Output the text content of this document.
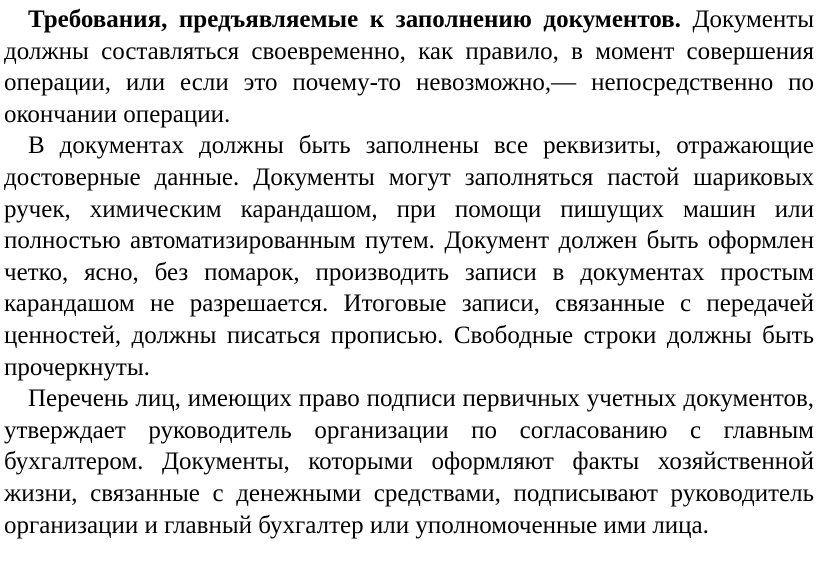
Требования, предъявляемые к заполнению документов. Документы должны составляться своевременно, как правило, в момент совершения операции, или если это почему-то невозможно,— непосредственно по окончании операции.

В документах должны быть заполнены все реквизиты, отражающие достоверные данные. Документы могут заполняться пастой шариковых ручек, химическим карандашом, при помощи пишущих машин или полностью автоматизированным путем. Документ должен быть оформлен четко, ясно, без помарок, производить записи в документах простым карандашом не разрешается. Итоговые записи, связанные с передачей ценностей, должны писаться прописью. Свободные строки должны быть прочеркнуты.

Перечень лиц, имеющих право подписи первичных учетных документов, утверждает руководитель организации по согласованию с главным бухгалтером. Документы, которыми оформляют факты хозяйственной жизни, связанные с денежными средствами, подписывают руководитель организации и главный бухгалтер или уполномоченные ими лица.
